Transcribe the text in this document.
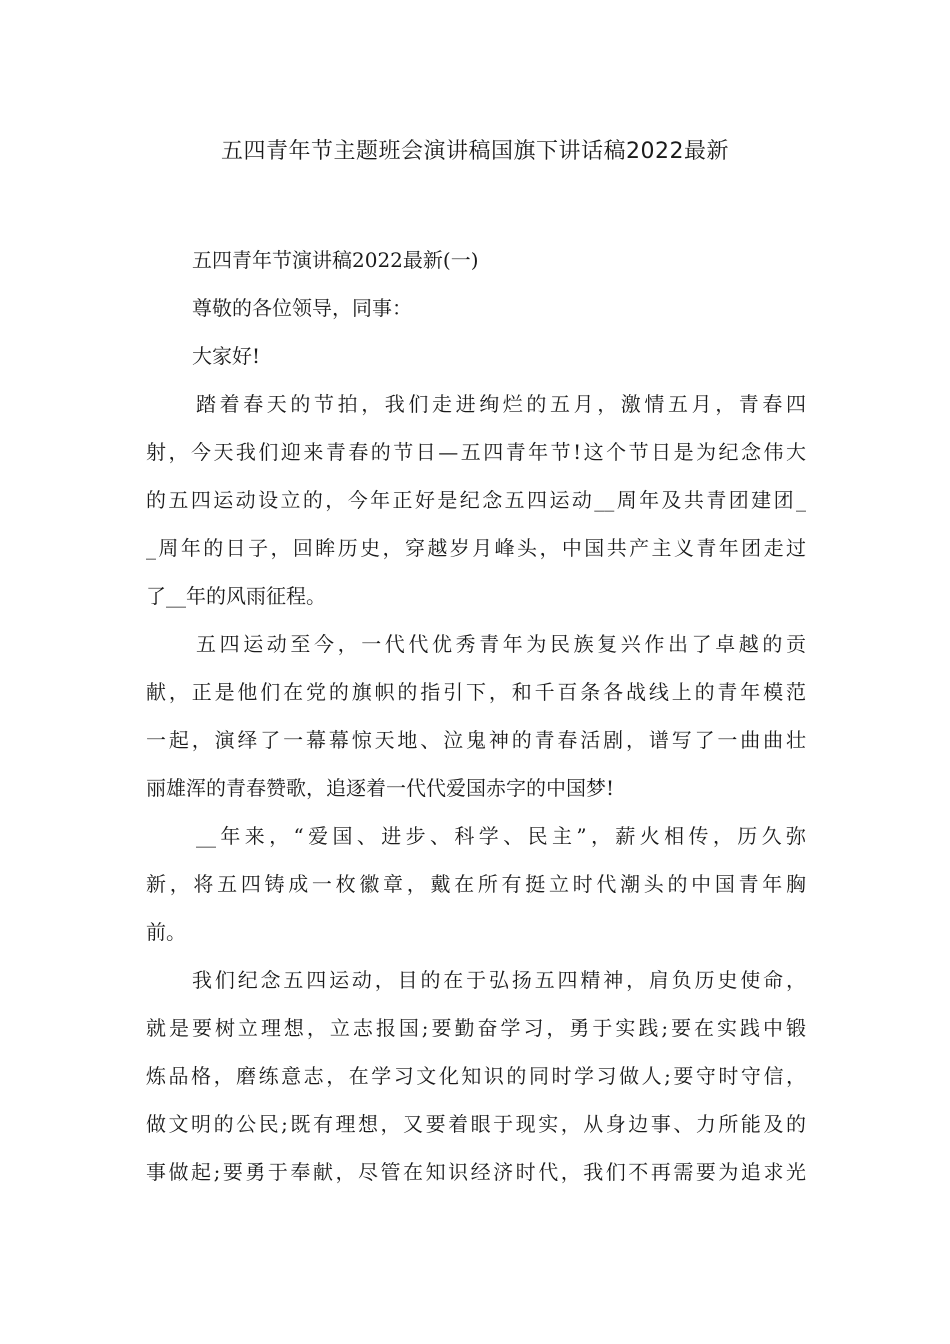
五四青年节主题班会演讲稿国旗下讲话稿2022最新
五四青年节演讲稿2022最新(一)
尊敬的各位领导，同事：
大家好!
踏着春天的节拍，我们走进绚烂的五月，激情五月，青春四
射，今天我们迎来青春的节日—五四青年节!这个节日是为纪念伟大
的五四运动设立的，今年正好是纪念五四运动__周年及共青团建团_
_周年的日子，回眸历史，穿越岁月峰头，中国共产主义青年团走过
了__年的风雨征程。
五四运动至今，一代代优秀青年为民族复兴作出了卓越的贡
献，正是他们在党的旗帜的指引下，和千百条各战线上的青年模范
一起，演绎了一幕幕惊天地、泣鬼神的青春活剧，谱写了一曲曲壮
丽雄浑的青春赞歌，追逐着一代代爱国赤字的中国梦!
__年来，“爱国、进步、科学、民主”，薪火相传，历久弥
新，将五四铸成一枚徽章，戴在所有挺立时代潮头的中国青年胸
前。
我们纪念五四运动，目的在于弘扬五四精神，肩负历史使命，
就是要树立理想，立志报国;要勤奋学习，勇于实践;要在实践中锻
炼品格，磨练意志，在学习文化知识的同时学习做人;要守时守信，
做文明的公民;既有理想，又要着眼于现实，从身边事、力所能及的
事做起;要勇于奉献，尽管在知识经济时代，我们不再需要为追求光
